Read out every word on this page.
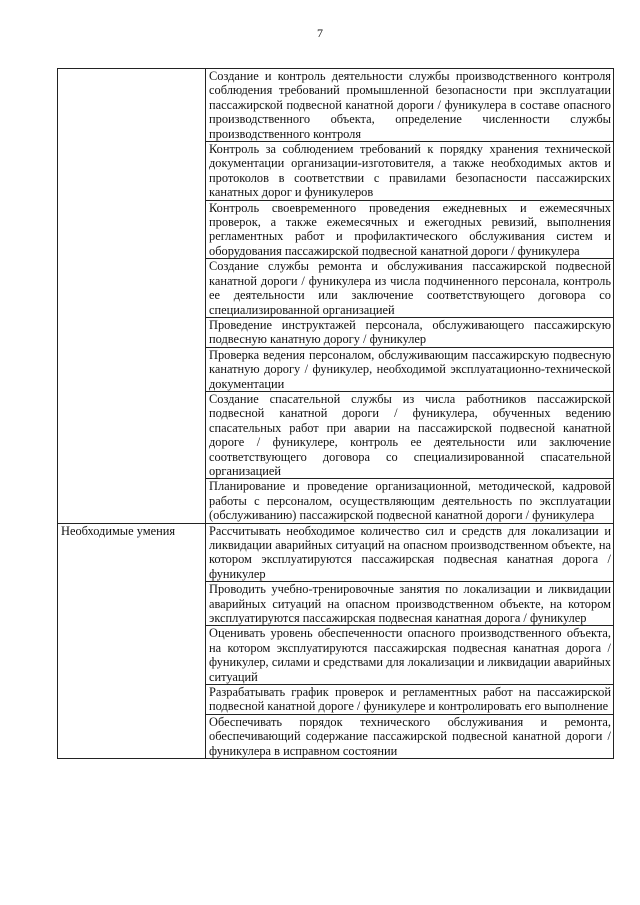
7
	Создание и контроль деятельности службы производственного контроля соблюдения требований промышленной безопасности при эксплуатации пассажирской подвесной канатной дороги / фуникулера в составе опасного производственного объекта, определение численности службы производственного контроля
	Контроль за соблюдением требований к порядку хранения технической документации организации-изготовителя, а также необходимых актов и протоколов в соответствии с правилами безопасности пассажирских канатных дорог и фуникулеров
	Контроль своевременного проведения ежедневных и ежемесячных проверок, а также ежемесячных и ежегодных ревизий, выполнения регламентных работ и профилактического обслуживания систем и оборудования пассажирской подвесной канатной дороги / фуникулера
	Создание службы ремонта и обслуживания пассажирской подвесной канатной дороги / фуникулера из числа подчиненного персонала, контроль ее деятельности или заключение соответствующего договора со специализированной организацией
	Проведение инструктажей персонала, обслуживающего пассажирскую подвесную канатную дорогу / фуникулер
	Проверка ведения персоналом, обслуживающим пассажирскую подвесную канатную дорогу / фуникулер, необходимой эксплуатационно-технической документации
	Создание спасательной службы из числа работников пассажирской подвесной канатной дороги / фуникулера, обученных ведению спасательных работ при аварии на пассажирской подвесной канатной дороге / фуникулере, контроль ее деятельности или заключение соответствующего договора со специализированной спасательной организацией
	Планирование и проведение организационной, методической, кадровой работы с персоналом, осуществляющим деятельность по эксплуатации (обслуживанию) пассажирской подвесной канатной дороги / фуникулера
Необходимые умения	Рассчитывать необходимое количество сил и средств для локализации и ликвидации аварийных ситуаций на опасном производственном объекте, на котором эксплуатируются пассажирская подвесная канатная дорога / фуникулер
	Проводить учебно-тренировочные занятия по локализации и ликвидации аварийных ситуаций на опасном производственном объекте, на котором эксплуатируются пассажирская подвесная канатная дорога / фуникулер
	Оценивать уровень обеспеченности опасного производственного объекта, на котором эксплуатируются пассажирская подвесная канатная дорога / фуникулер, силами и средствами для локализации и ликвидации аварийных ситуаций
	Разрабатывать график проверок и регламентных работ на пассажирской подвесной канатной дороге / фуникулере и контролировать его выполнение
	Обеспечивать порядок технического обслуживания и ремонта, обеспечивающий содержание пассажирской подвесной канатной дороги / фуникулера в исправном состоянии
